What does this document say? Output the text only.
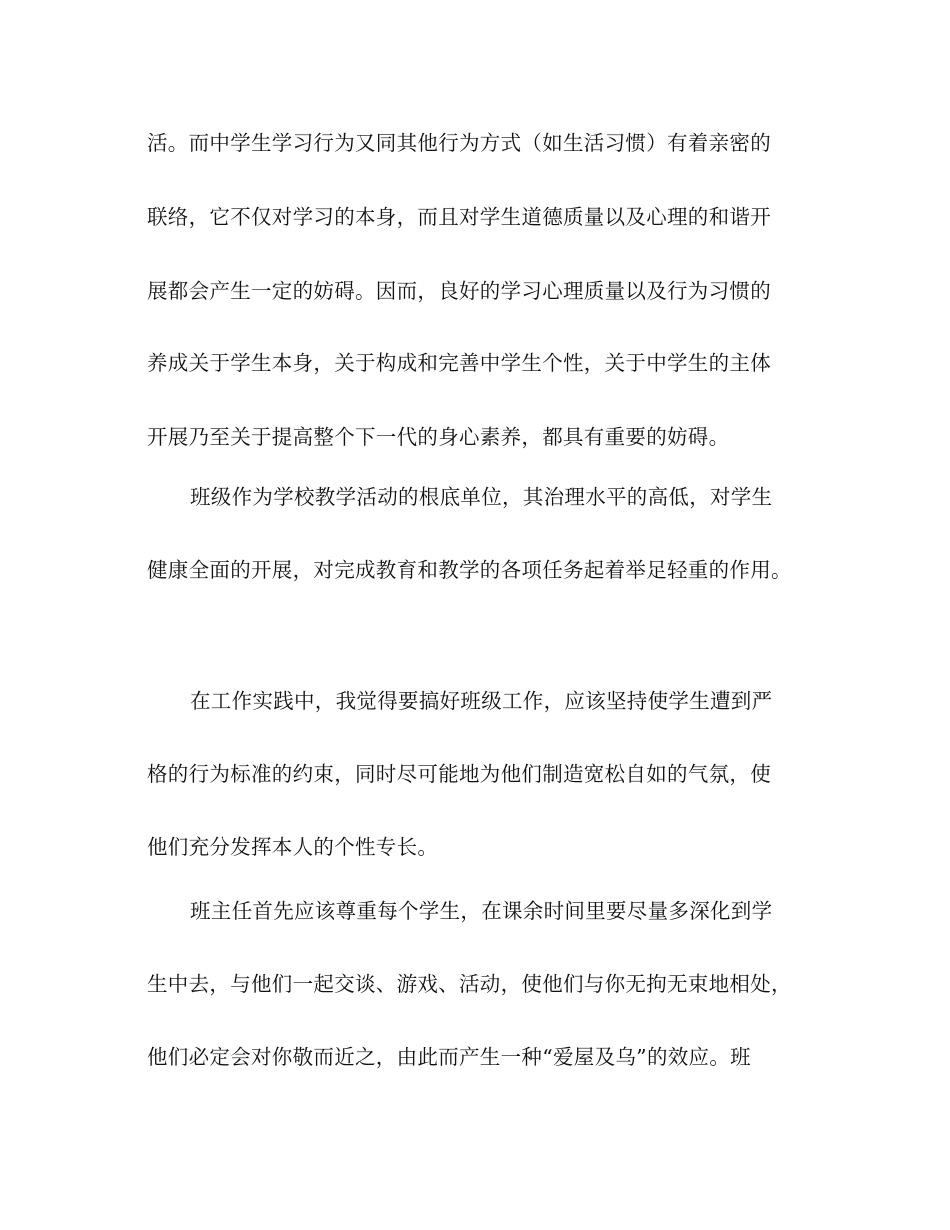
活。而中学生学习行为又同其他行为方式（如生活习惯）有着亲密的
联络，它不仅对学习的本身，而且对学生道德质量以及心理的和谐开
展都会产生一定的妨碍。因而，良好的学习心理质量以及行为习惯的
养成关于学生本身，关于构成和完善中学生个性，关于中学生的主体
开展乃至关于提高整个下一代的身心素养，都具有重要的妨碍。
班级作为学校教学活动的根底单位，其治理水平的高低，对学生
健康全面的开展，对完成教育和教学的各项任务起着举足轻重的作用。
在工作实践中，我觉得要搞好班级工作，应该坚持使学生遭到严
格的行为标准的约束，同时尽可能地为他们制造宽松自如的气氛，使
他们充分发挥本人的个性专长。
班主任首先应该尊重每个学生，在课余时间里要尽量多深化到学
生中去，与他们一起交谈、游戏、活动，使他们与你无拘无束地相处，
他们必定会对你敬而近之，由此而产生一种“爱屋及乌”的效应。班
